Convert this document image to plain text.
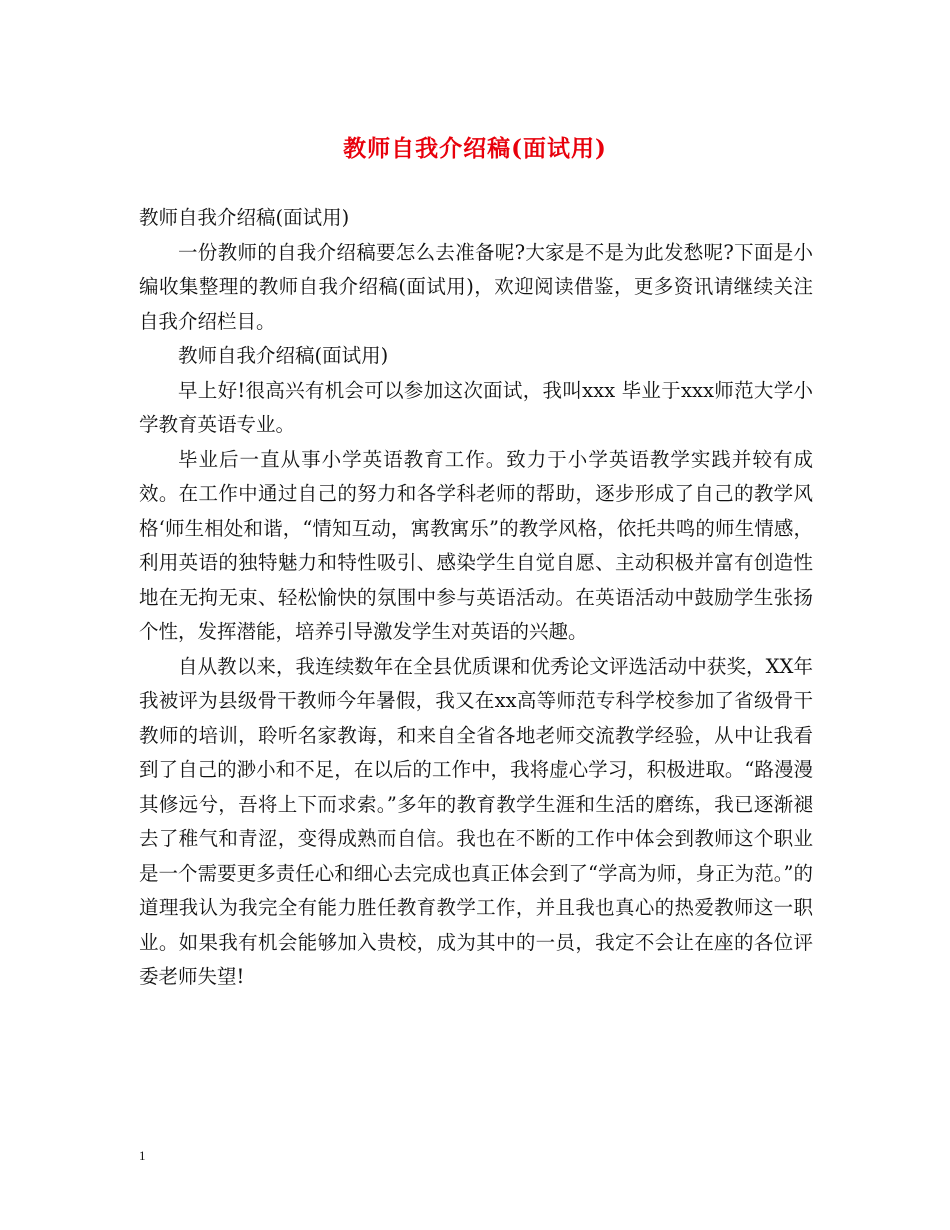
教师自我介绍稿(面试用)

教师自我介绍稿(面试用)

一份教师的自我介绍稿要怎么去准备呢?大家是不是为此发愁呢?下面是小编收集整理的教师自我介绍稿(面试用)，欢迎阅读借鉴，更多资讯请继续关注自我介绍栏目。

教师自我介绍稿(面试用)

早上好!很高兴有机会可以参加这次面试，我叫xxx 毕业于xxx师范大学小学教育英语专业。

毕业后一直从事小学英语教育工作。致力于小学英语教学实践并较有成效。在工作中通过自己的努力和各学科老师的帮助，逐步形成了自己的教学风格‘师生相处和谐，“情知互动，寓教寓乐”的教学风格，依托共鸣的师生情感，利用英语的独特魅力和特性吸引、感染学生自觉自愿、主动积极并富有创造性地在无拘无束、轻松愉快的氛围中参与英语活动。在英语活动中鼓励学生张扬个性，发挥潜能，培养引导激发学生对英语的兴趣。

自从教以来，我连续数年在全县优质课和优秀论文评选活动中获奖，XX年我被评为县级骨干教师今年暑假，我又在xx高等师范专科学校参加了省级骨干教师的培训，聆听名家教诲，和来自全省各地老师交流教学经验，从中让我看到了自己的渺小和不足，在以后的工作中，我将虚心学习，积极进取。“路漫漫其修远兮，吾将上下而求索。”多年的教育教学生涯和生活的磨练，我已逐渐褪去了稚气和青涩，变得成熟而自信。我也在不断的工作中体会到教师这个职业是一个需要更多责任心和细心去完成也真正体会到了“学高为师，身正为范。”的道理我认为我完全有能力胜任教育教学工作，并且我也真心的热爱教师这一职业。如果我有机会能够加入贵校，成为其中的一员，我定不会让在座的各位评委老师失望!

1
